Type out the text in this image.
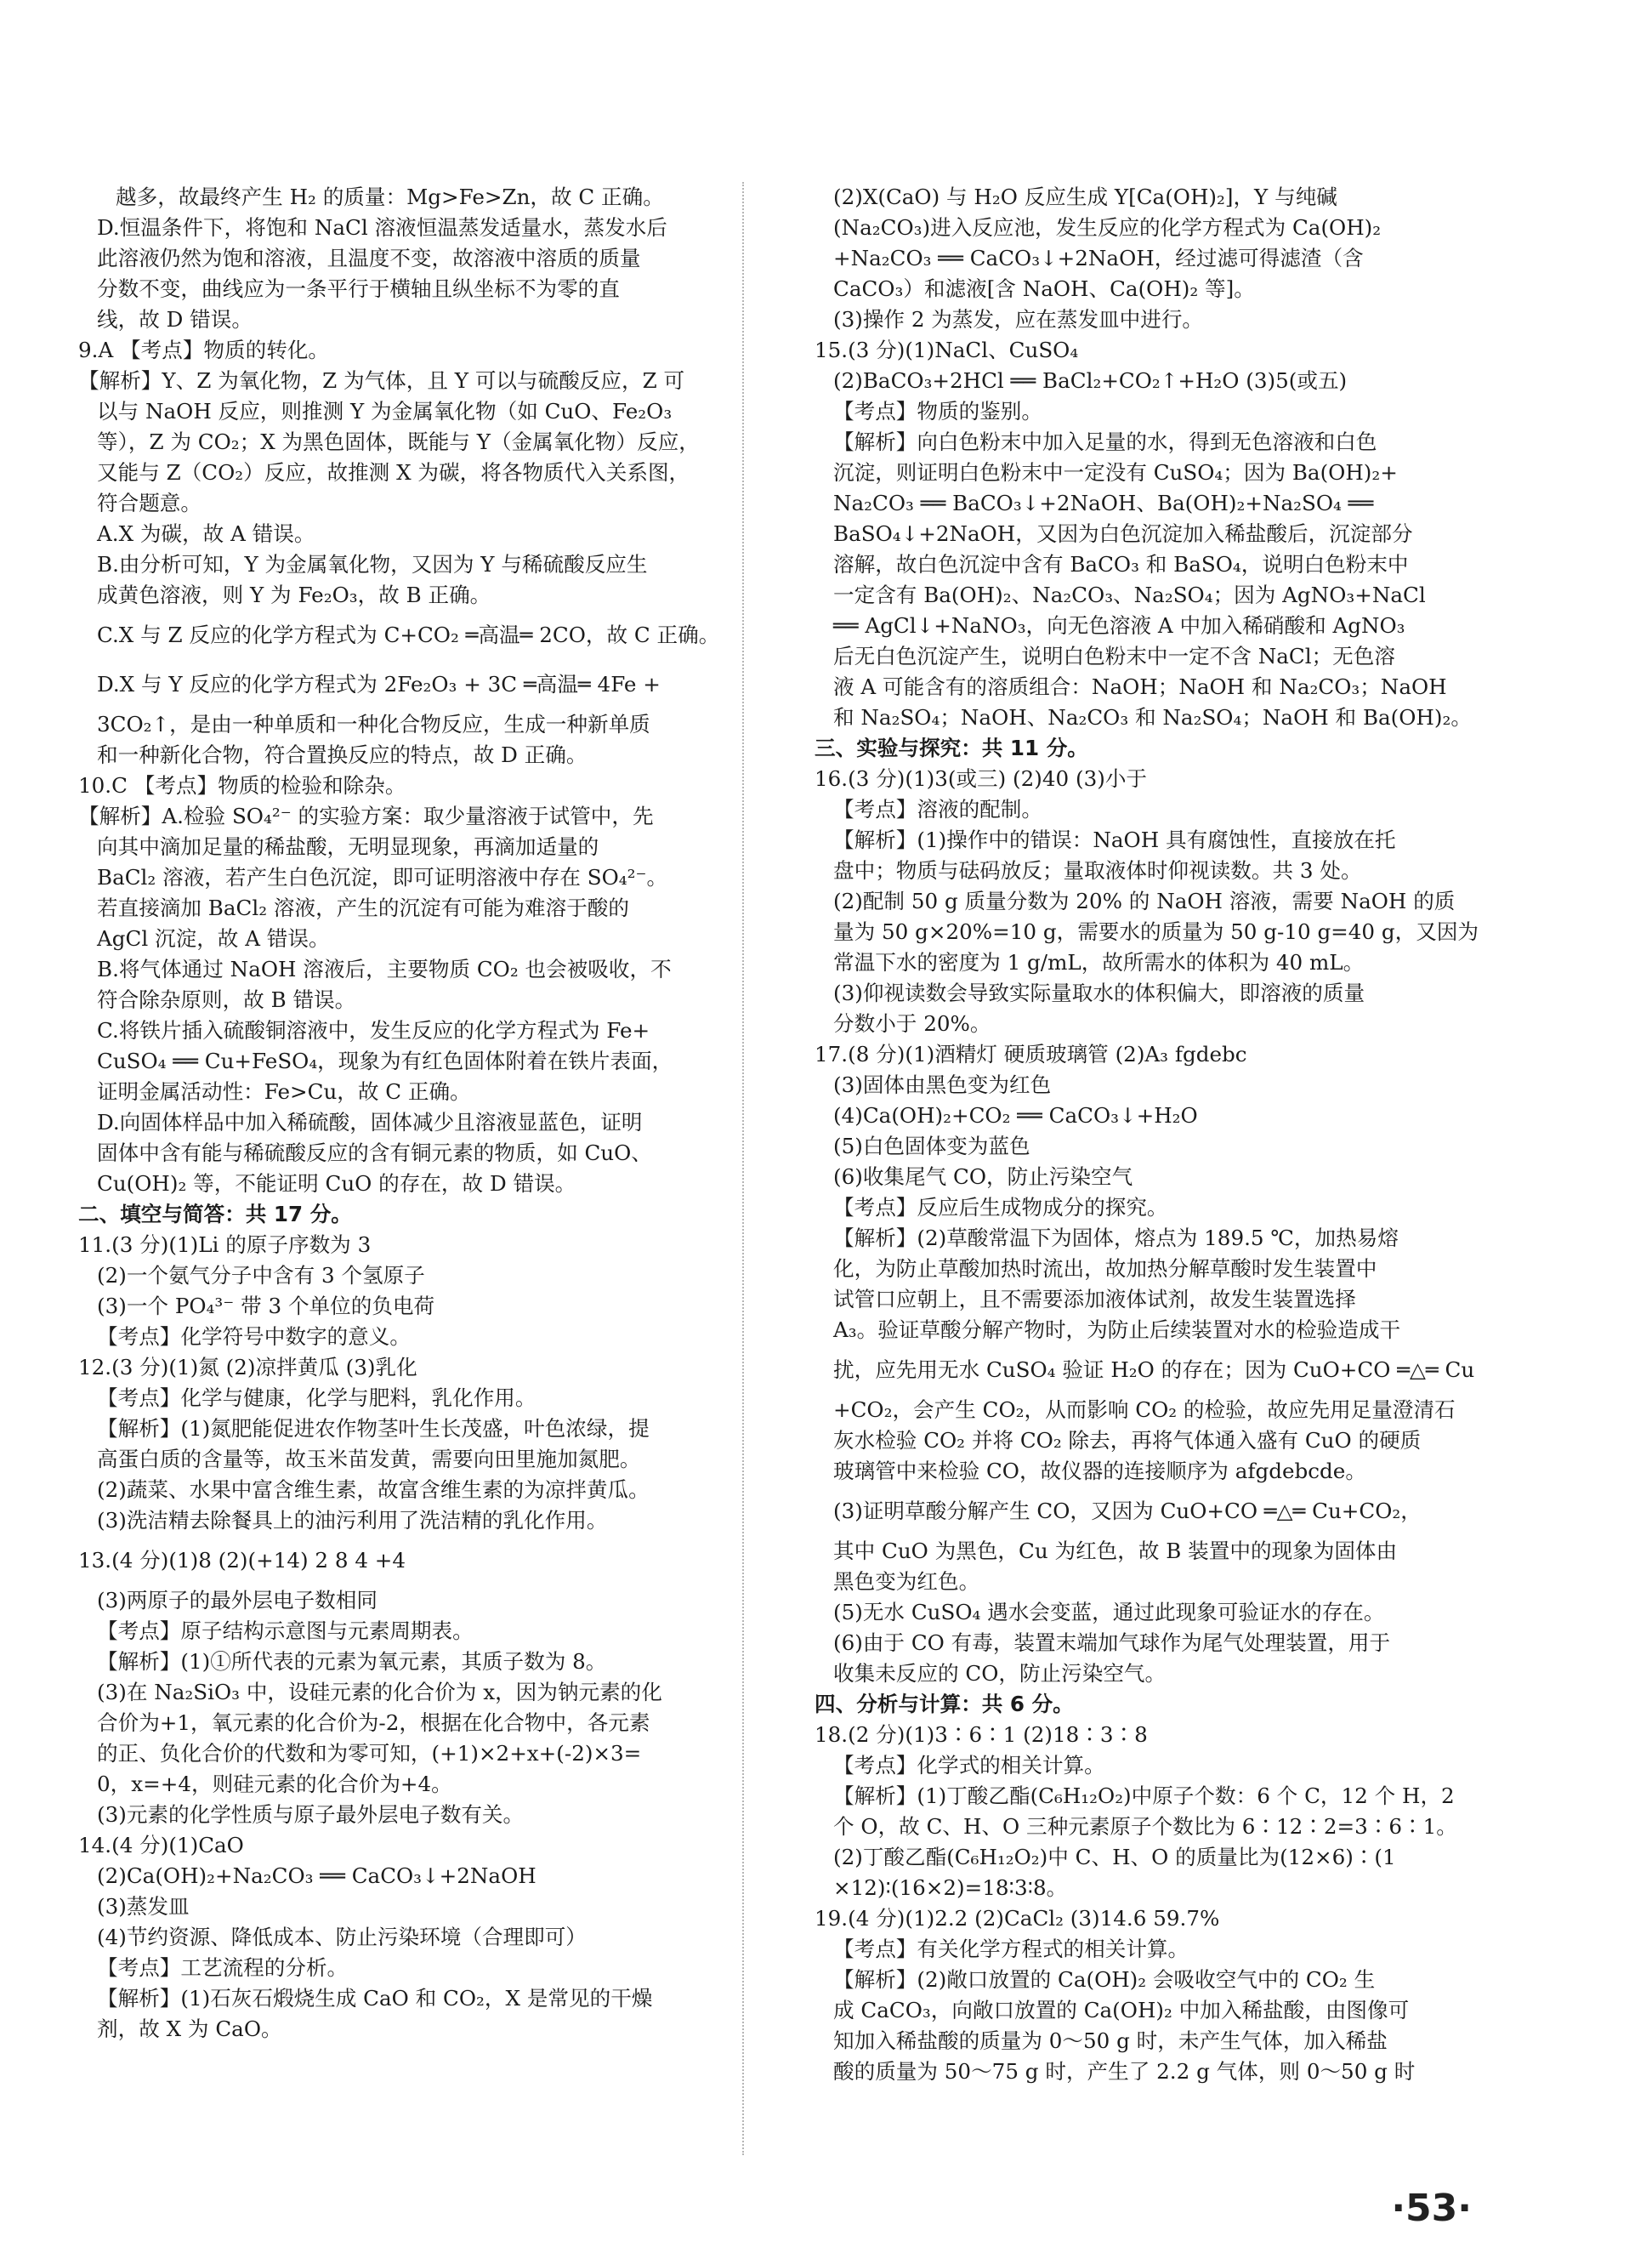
越多，故最终产生 H₂ 的质量：Mg>Fe>Zn，故 C 正确。
D.恒温条件下，将饱和 NaCl 溶液恒温蒸发适量水，蒸发水后
此溶液仍然为饱和溶液，且温度不变，故溶液中溶质的质量
分数不变，曲线应为一条平行于横轴且纵坐标不为零的直
线，故 D 错误。
9.A 【考点】物质的转化。
【解析】Y、Z 为氧化物，Z 为气体，且 Y 可以与硫酸反应，Z 可
以与 NaOH 反应，则推测 Y 为金属氧化物（如 CuO、Fe₂O₃
等），Z 为 CO₂；X 为黑色固体，既能与 Y（金属氧化物）反应，
又能与 Z（CO₂）反应，故推测 X 为碳，将各物质代入关系图，
符合题意。
A.X 为碳，故 A 错误。
B.由分析可知，Y 为金属氧化物，又因为 Y 与稀硫酸反应生
成黄色溶液，则 Y 为 Fe₂O₃，故 B 正确。
C.X 与 Z 反应的化学方程式为 C+CO₂ ═高温═ 2CO，故 C 正确。
D.X 与 Y 反应的化学方程式为 2Fe₂O₃ + 3C ═高温═ 4Fe +
3CO₂↑，是由一种单质和一种化合物反应，生成一种新单质
和一种新化合物，符合置换反应的特点，故 D 正确。
10.C 【考点】物质的检验和除杂。
【解析】A.检验 SO₄²⁻ 的实验方案：取少量溶液于试管中，先
向其中滴加足量的稀盐酸，无明显现象，再滴加适量的
BaCl₂ 溶液，若产生白色沉淀，即可证明溶液中存在 SO₄²⁻。
若直接滴加 BaCl₂ 溶液，产生的沉淀有可能为难溶于酸的
AgCl 沉淀，故 A 错误。
B.将气体通过 NaOH 溶液后，主要物质 CO₂ 也会被吸收，不
符合除杂原则，故 B 错误。
C.将铁片插入硫酸铜溶液中，发生反应的化学方程式为 Fe+
CuSO₄ ══ Cu+FeSO₄，现象为有红色固体附着在铁片表面，
证明金属活动性：Fe>Cu，故 C 正确。
D.向固体样品中加入稀硫酸，固体减少且溶液显蓝色，证明
固体中含有能与稀硫酸反应的含有铜元素的物质，如 CuO、
Cu(OH)₂ 等，不能证明 CuO 的存在，故 D 错误。
二、填空与简答：共 17 分。
11.(3 分)(1)Li 的原子序数为 3
(2)一个氨气分子中含有 3 个氢原子
(3)一个 PO₄³⁻ 带 3 个单位的负电荷
【考点】化学符号中数字的意义。
12.(3 分)(1)氮 (2)凉拌黄瓜 (3)乳化
【考点】化学与健康，化学与肥料，乳化作用。
【解析】(1)氮肥能促进农作物茎叶生长茂盛，叶色浓绿，提
高蛋白质的含量等，故玉米苗发黄，需要向田里施加氮肥。
(2)蔬菜、水果中富含维生素，故富含维生素的为凉拌黄瓜。
(3)洗洁精去除餐具上的油污利用了洗洁精的乳化作用。
13.(4 分)(1)8 (2)(+14) 2 8 4 +4
(3)两原子的最外层电子数相同
【考点】原子结构示意图与元素周期表。
【解析】(1)①所代表的元素为氧元素，其质子数为 8。
(3)在 Na₂SiO₃ 中，设硅元素的化合价为 x，因为钠元素的化
合价为+1，氧元素的化合价为-2，根据在化合物中，各元素
的正、负化合价的代数和为零可知，(+1)×2+x+(-2)×3=
0，x=+4，则硅元素的化合价为+4。
(3)元素的化学性质与原子最外层电子数有关。
14.(4 分)(1)CaO
(2)Ca(OH)₂+Na₂CO₃ ══ CaCO₃↓+2NaOH
(3)蒸发皿
(4)节约资源、降低成本、防止污染环境（合理即可）
【考点】工艺流程的分析。
【解析】(1)石灰石煅烧生成 CaO 和 CO₂，X 是常见的干燥
剂，故 X 为 CaO。
(2)X(CaO) 与 H₂O 反应生成 Y[Ca(OH)₂]，Y 与纯碱
(Na₂CO₃)进入反应池，发生反应的化学方程式为 Ca(OH)₂
+Na₂CO₃ ══ CaCO₃↓+2NaOH，经过滤可得滤渣（含
CaCO₃）和滤液[含 NaOH、Ca(OH)₂ 等]。
(3)操作 2 为蒸发，应在蒸发皿中进行。
15.(3 分)(1)NaCl、CuSO₄
(2)BaCO₃+2HCl ══ BaCl₂+CO₂↑+H₂O (3)5(或五)
【考点】物质的鉴别。
【解析】向白色粉末中加入足量的水，得到无色溶液和白色
沉淀，则证明白色粉末中一定没有 CuSO₄；因为 Ba(OH)₂+
Na₂CO₃ ══ BaCO₃↓+2NaOH、Ba(OH)₂+Na₂SO₄ ══
BaSO₄↓+2NaOH，又因为白色沉淀加入稀盐酸后，沉淀部分
溶解，故白色沉淀中含有 BaCO₃ 和 BaSO₄，说明白色粉末中
一定含有 Ba(OH)₂、Na₂CO₃、Na₂SO₄；因为 AgNO₃+NaCl
══ AgCl↓+NaNO₃，向无色溶液 A 中加入稀硝酸和 AgNO₃
后无白色沉淀产生，说明白色粉末中一定不含 NaCl；无色溶
液 A 可能含有的溶质组合：NaOH；NaOH 和 Na₂CO₃；NaOH
和 Na₂SO₄；NaOH、Na₂CO₃ 和 Na₂SO₄；NaOH 和 Ba(OH)₂。
三、实验与探究：共 11 分。
16.(3 分)(1)3(或三) (2)40 (3)小于
【考点】溶液的配制。
【解析】(1)操作中的错误：NaOH 具有腐蚀性，直接放在托
盘中；物质与砝码放反；量取液体时仰视读数。共 3 处。
(2)配制 50 g 质量分数为 20% 的 NaOH 溶液，需要 NaOH 的质
量为 50 g×20%=10 g，需要水的质量为 50 g-10 g=40 g，又因为
常温下水的密度为 1 g/mL，故所需水的体积为 40 mL。
(3)仰视读数会导致实际量取水的体积偏大，即溶液的质量
分数小于 20%。
17.(8 分)(1)酒精灯 硬质玻璃管 (2)A₃ fgdebc
(3)固体由黑色变为红色
(4)Ca(OH)₂+CO₂ ══ CaCO₃↓+H₂O
(5)白色固体变为蓝色
(6)收集尾气 CO，防止污染空气
【考点】反应后生成物成分的探究。
【解析】(2)草酸常温下为固体，熔点为 189.5 ℃，加热易熔
化，为防止草酸加热时流出，故加热分解草酸时发生装置中
试管口应朝上，且不需要添加液体试剂，故发生装置选择
A₃。验证草酸分解产物时，为防止后续装置对水的检验造成干
扰，应先用无水 CuSO₄ 验证 H₂O 的存在；因为 CuO+CO ═△═ Cu
+CO₂，会产生 CO₂，从而影响 CO₂ 的检验，故应先用足量澄清石
灰水检验 CO₂ 并将 CO₂ 除去，再将气体通入盛有 CuO 的硬质
玻璃管中来检验 CO，故仪器的连接顺序为 afgdebcde。
(3)证明草酸分解产生 CO，又因为 CuO+CO ═△═ Cu+CO₂，
其中 CuO 为黑色，Cu 为红色，故 B 装置中的现象为固体由
黑色变为红色。
(5)无水 CuSO₄ 遇水会变蓝，通过此现象可验证水的存在。
(6)由于 CO 有毒，装置末端加气球作为尾气处理装置，用于
收集未反应的 CO，防止污染空气。
四、分析与计算：共 6 分。
18.(2 分)(1)3∶6∶1 (2)18∶3∶8
【考点】化学式的相关计算。
【解析】(1)丁酸乙酯(C₆H₁₂O₂)中原子个数：6 个 C，12 个 H，2
个 O，故 C、H、O 三种元素原子个数比为 6∶12∶2=3∶6∶1。
(2)丁酸乙酯(C₆H₁₂O₂)中 C、H、O 的质量比为(12×6)∶(1
×12)∶(16×2)=18∶3∶8。
19.(4 分)(1)2.2 (2)CaCl₂ (3)14.6 59.7%
【考点】有关化学方程式的相关计算。
【解析】(2)敞口放置的 Ca(OH)₂ 会吸收空气中的 CO₂ 生
成 CaCO₃，向敞口放置的 Ca(OH)₂ 中加入稀盐酸，由图像可
知加入稀盐酸的质量为 0～50 g 时，未产生气体，加入稀盐
酸的质量为 50～75 g 时，产生了 2.2 g 气体，则 0～50 g 时
·53·
